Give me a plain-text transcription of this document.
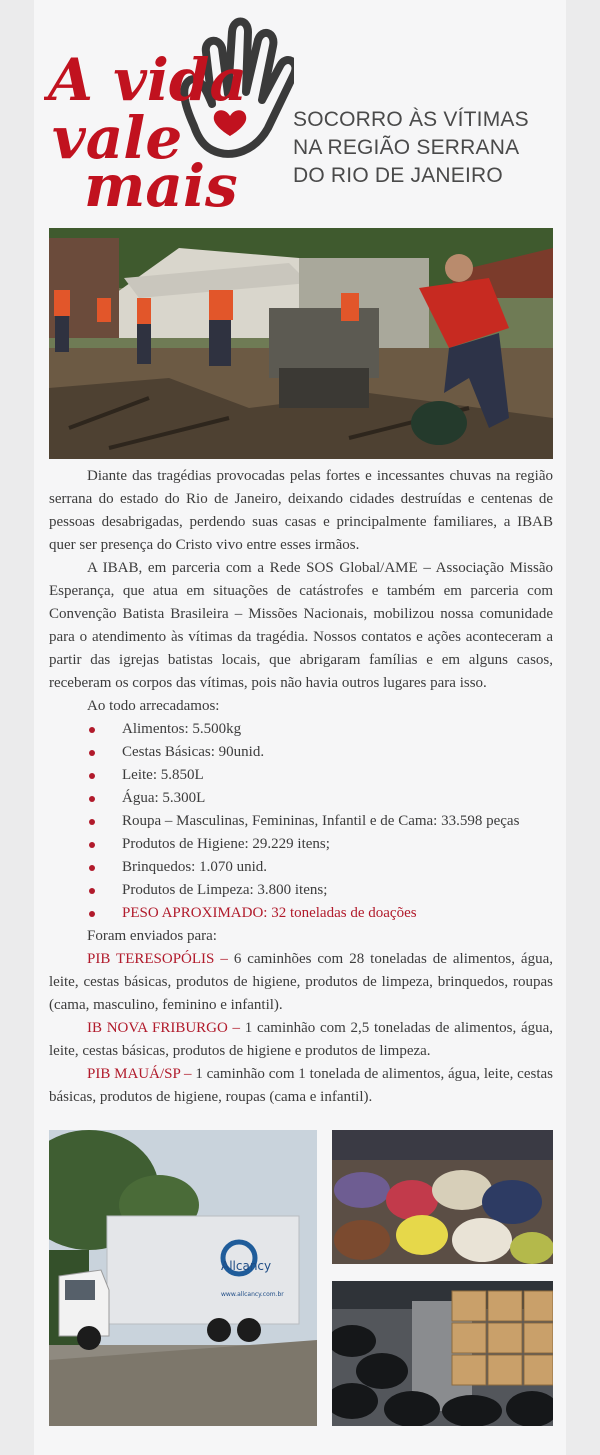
A vida
vale
mais
SOCORRO ÀS VÍTIMAS
NA REGIÃO SERRANA
DO RIO DE JANEIRO

Diante das tragédias provocadas pelas fortes e incessantes chuvas na região serrana do estado do Rio de Janeiro, deixando cidades destruídas e centenas de pessoas desabrigadas, perdendo suas casas e principalmente familiares, a IBAB quer ser presença do Cristo vivo entre esses irmãos.

A IBAB, em parceria com a Rede SOS Global/AME – Associação Missão Esperança, que atua em situações de catástrofes e também em parceria com Convenção Batista Brasileira – Missões Nacionais, mobilizou nossa comunidade para o atendimento às vítimas da tragédia. Nossos contatos e ações aconteceram a partir das igrejas batistas locais, que abrigaram famílias e em alguns casos, receberam os corpos das vítimas, pois não havia outros lugares para isso.

Ao todo arrecadamos:

Alimentos: 5.500kg
Cestas Básicas: 90unid.
Leite: 5.850L
Água: 5.300L
Roupa – Masculinas, Femininas, Infantil e de Cama: 33.598 peças
Produtos de Higiene: 29.229 itens;
Brinquedos: 1.070 unid.
Produtos de Limpeza: 3.800 itens;
PESO APROXIMADO: 32 toneladas de doações

Foram enviados para:

PIB TERESOPÓLIS – 6 caminhões com 28 toneladas de alimentos, água, leite, cestas básicas, produtos de higiene, produtos de limpeza, brinquedos, roupas (cama, masculino, feminino e infantil).

IB NOVA FRIBURGO – 1 caminhão com 2,5 toneladas de alimentos, água, leite, cestas básicas, produtos de higiene e produtos de limpeza.

PIB MAUÁ/SP – 1 caminhão com 1 tonelada de alimentos, água, leite, cestas básicas, produtos de higiene, roupas (cama e infantil).

Allcancy
www.allcancy.com.br
